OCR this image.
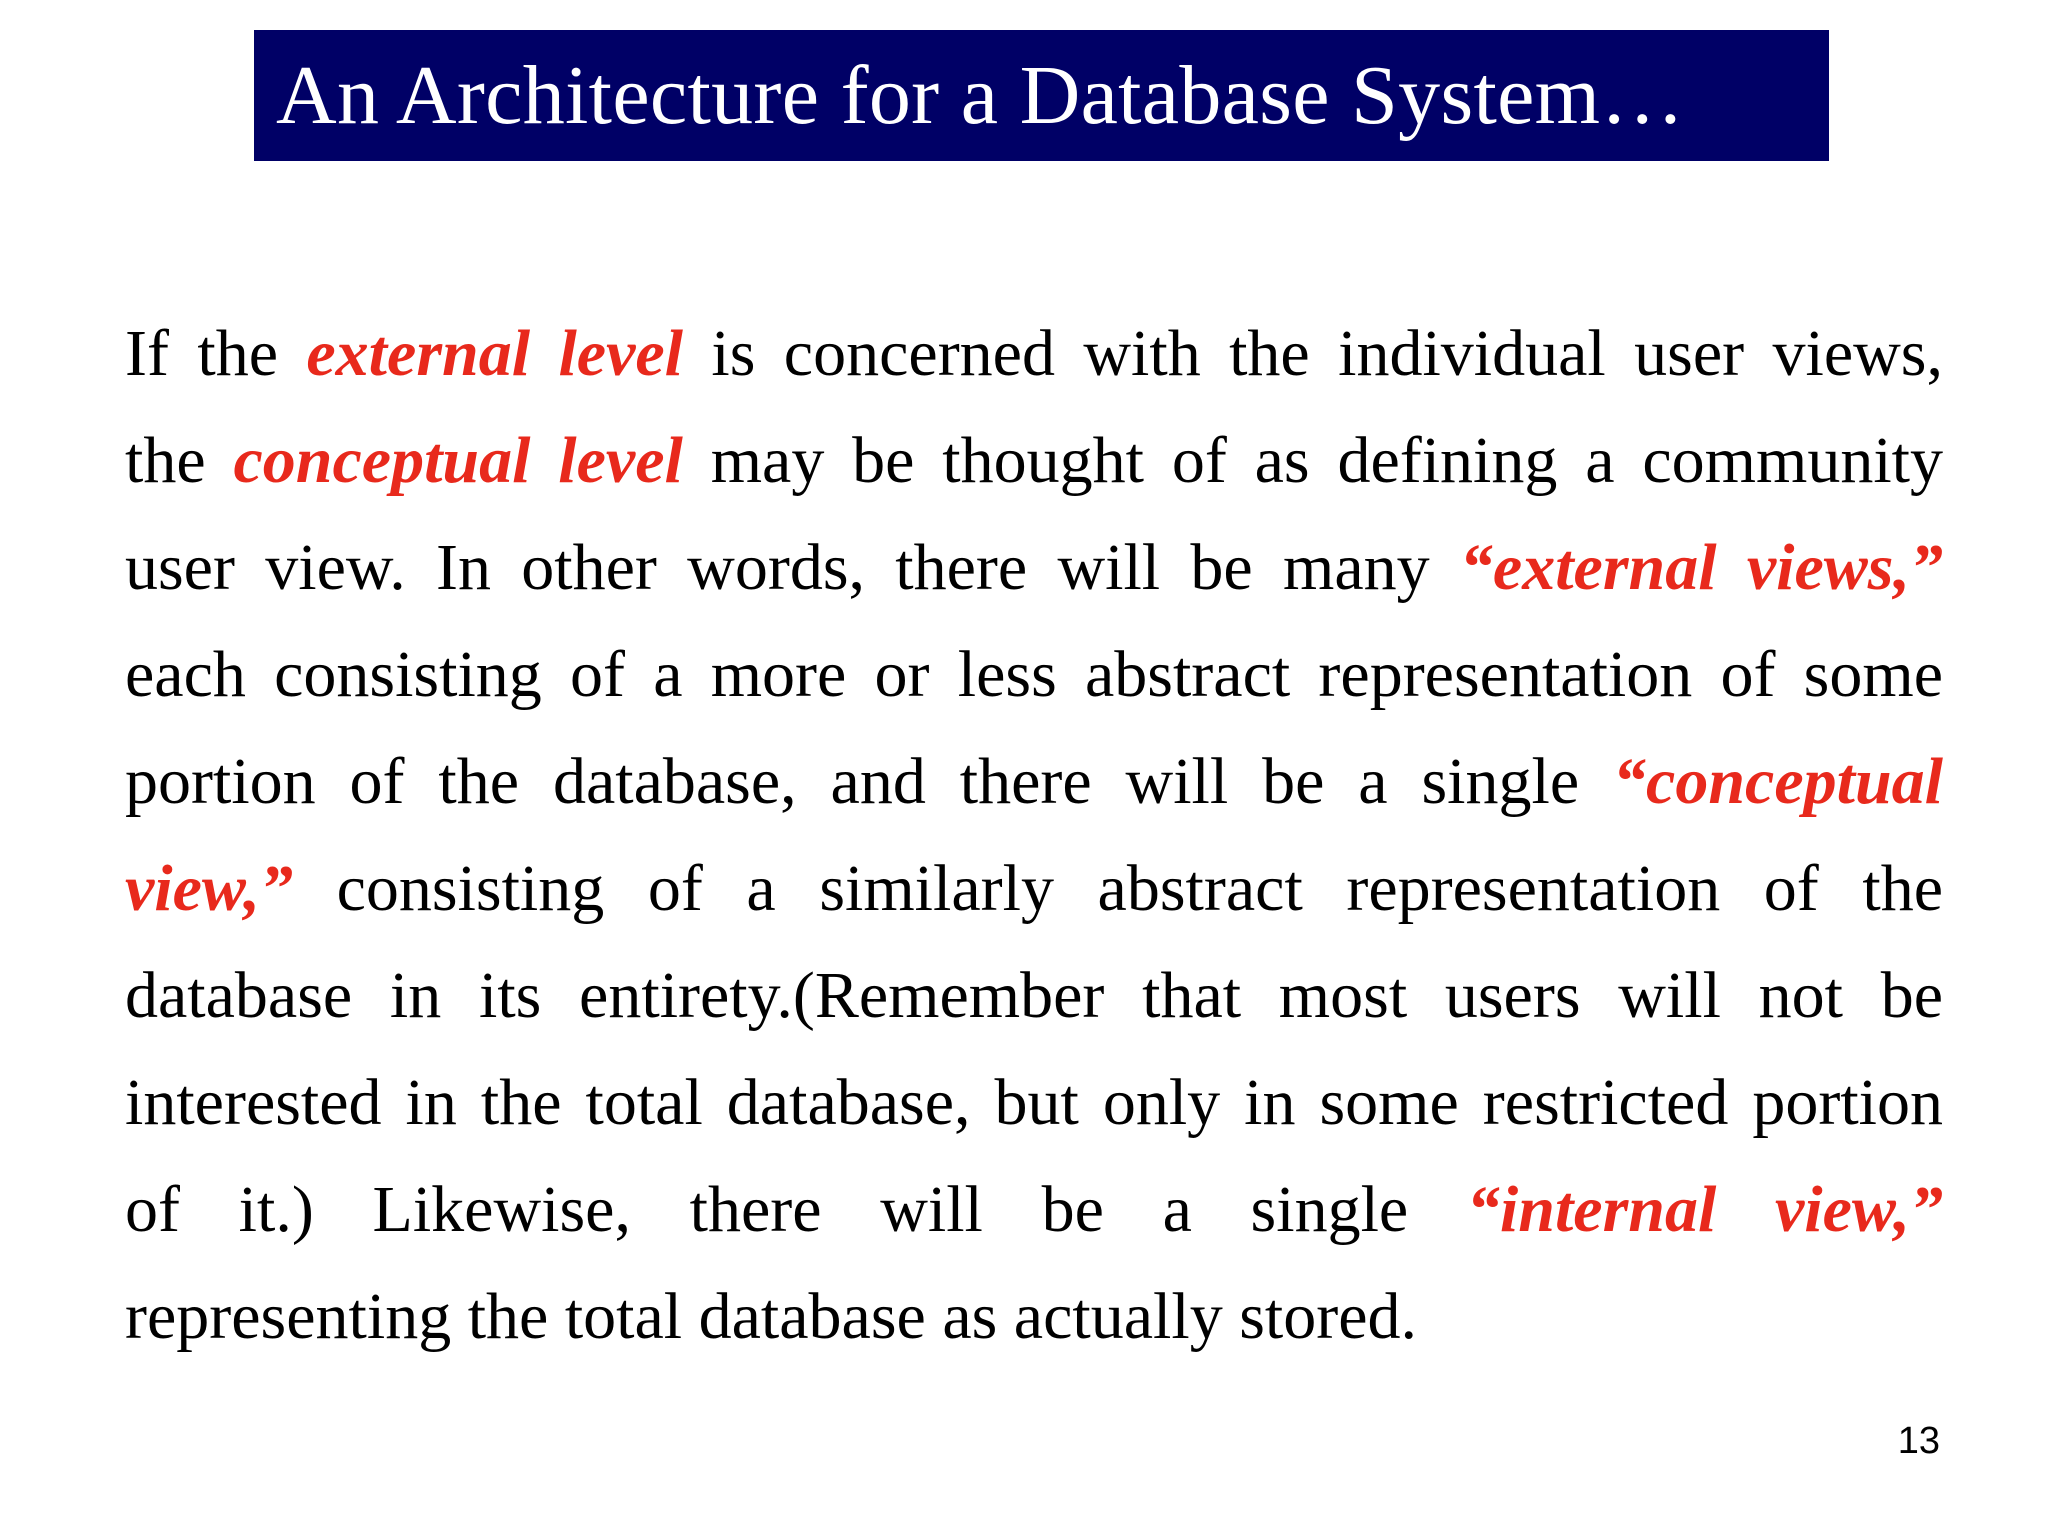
An Architecture for a Database System…
If the external level is concerned with the individual user views,
the conceptual level may be thought of as defining a community
user view. In other words, there will be many “external views,”
each consisting of a more or less abstract representation of some
portion of the database, and there will be a single “conceptual
view,” consisting of a similarly abstract representation of the
database in its entirety.(Remember that most users will not be
interested in the total database, but only in some restricted portion
of it.) Likewise, there will be a single “internal view,”
representing the total database as actually stored.
13
